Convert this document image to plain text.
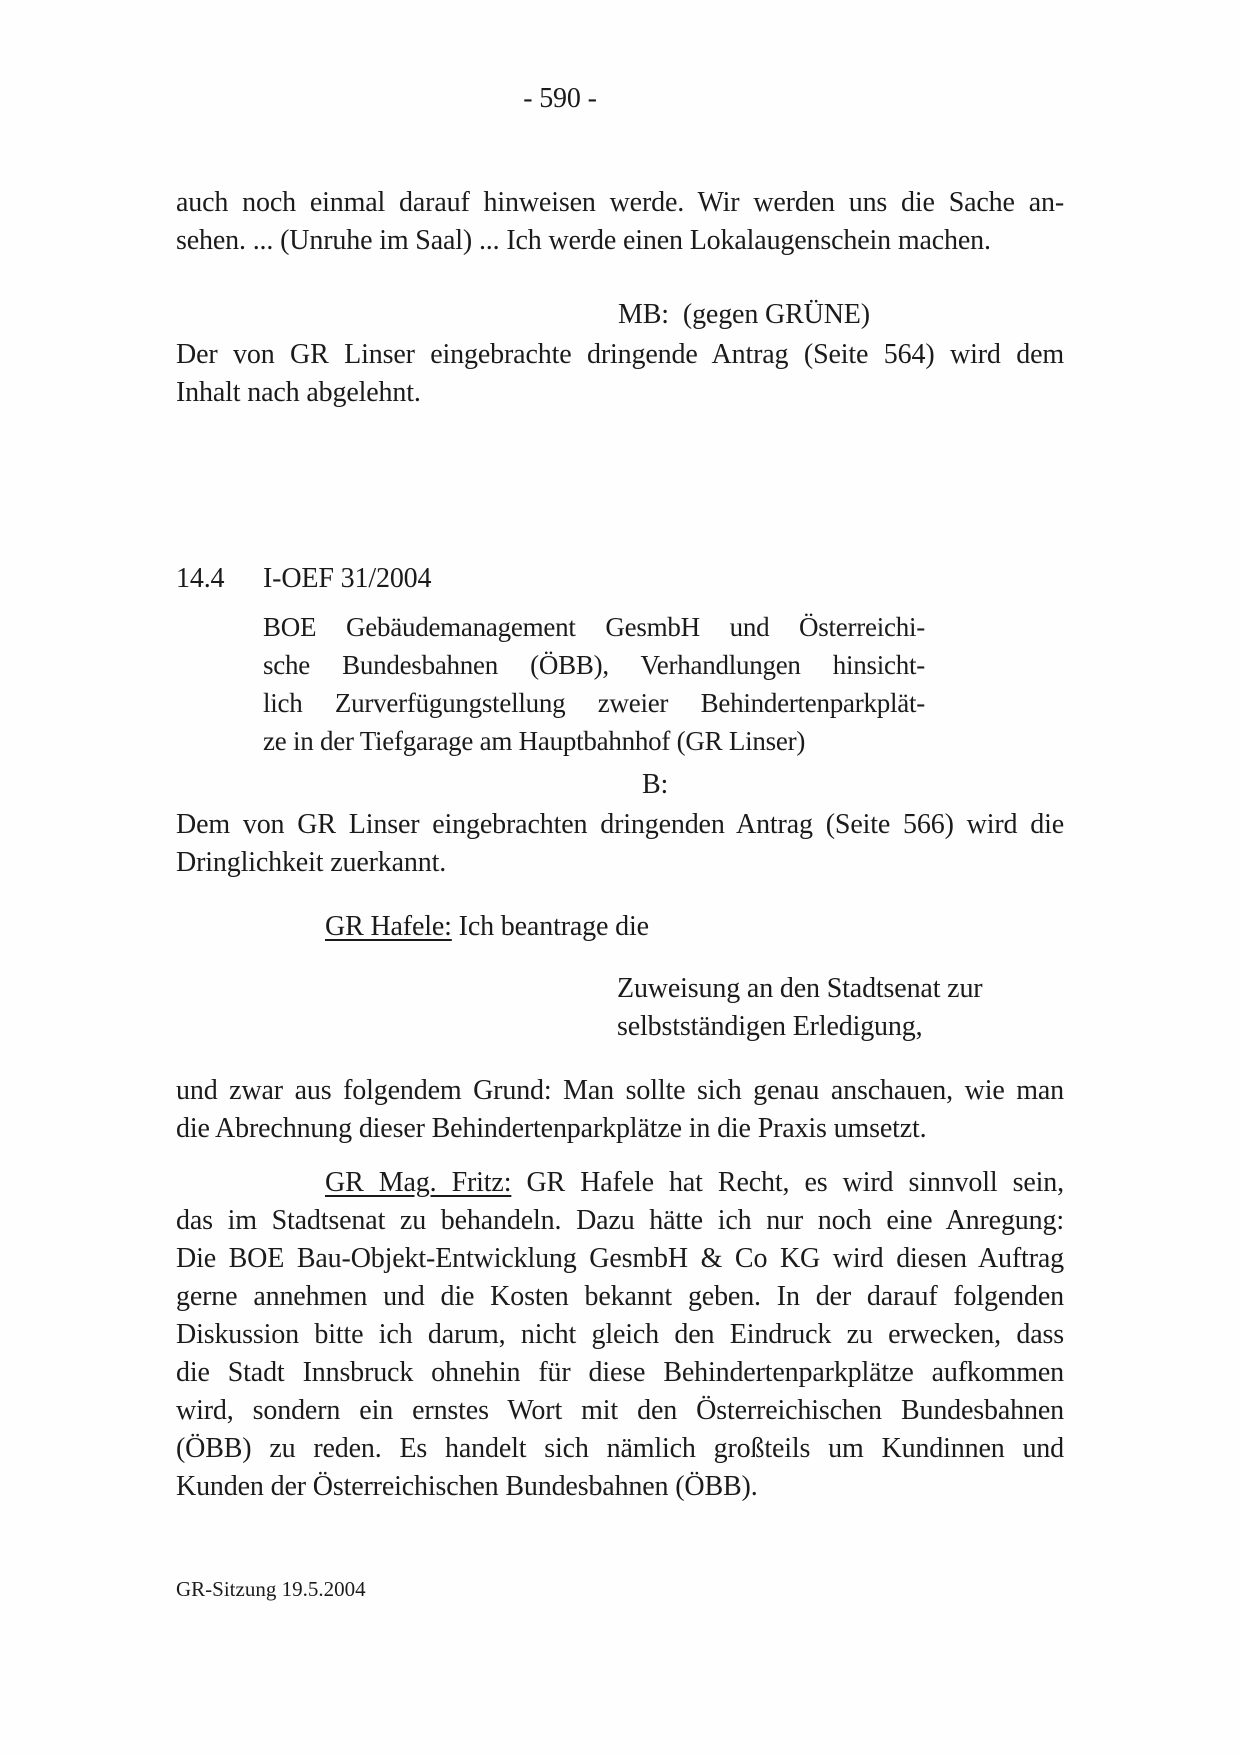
- 590 -
auch noch einmal darauf hinweisen werde. Wir werden uns die Sache an-
sehen. ... (Unruhe im Saal) ... Ich werde einen Lokalaugenschein machen.
MB: (gegen GRÜNE)
Der von GR Linser eingebrachte dringende Antrag (Seite 564) wird dem
Inhalt nach abgelehnt.
14.4	I-OEF 31/2004
BOE Gebäudemanagement GesmbH und Österreichi-
sche Bundesbahnen (ÖBB), Verhandlungen hinsicht-
lich Zurverfügungstellung zweier Behindertenparkplät-
ze in der Tiefgarage am Hauptbahnhof (GR Linser)
B:
Dem von GR Linser eingebrachten dringenden Antrag (Seite 566) wird die
Dringlichkeit zuerkannt.
GR Hafele: Ich beantrage die
Zuweisung an den Stadtsenat zur
selbstständigen Erledigung,
und zwar aus folgendem Grund: Man sollte sich genau anschauen, wie man
die Abrechnung dieser Behindertenparkplätze in die Praxis umsetzt.
GR Mag. Fritz: GR Hafele hat Recht, es wird sinnvoll sein,
das im Stadtsenat zu behandeln. Dazu hätte ich nur noch eine Anregung:
Die BOE Bau-Objekt-Entwicklung GesmbH & Co KG wird diesen Auftrag
gerne annehmen und die Kosten bekannt geben. In der darauf folgenden
Diskussion bitte ich darum, nicht gleich den Eindruck zu erwecken, dass
die Stadt Innsbruck ohnehin für diese Behindertenparkplätze aufkommen
wird, sondern ein ernstes Wort mit den Österreichischen Bundesbahnen
(ÖBB) zu reden. Es handelt sich nämlich großteils um Kundinnen und
Kunden der Österreichischen Bundesbahnen (ÖBB).
GR-Sitzung 19.5.2004
